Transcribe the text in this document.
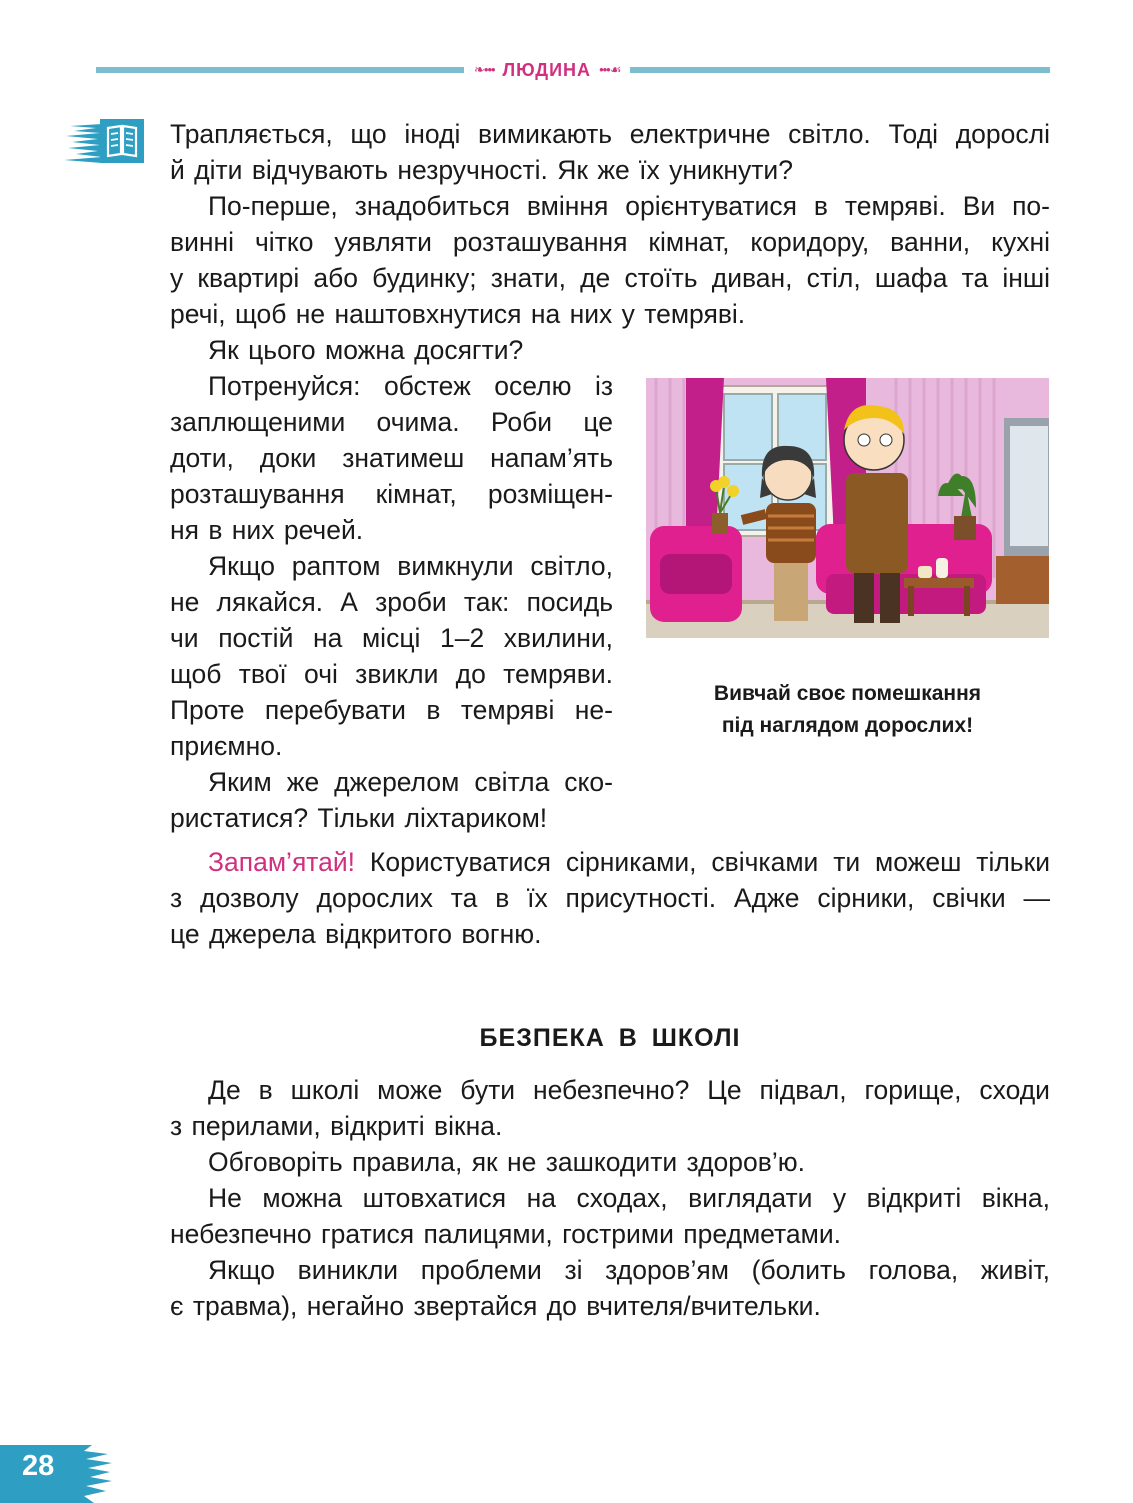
❧••• ЛЮДИНА •••☙

Трапляється, що іноді вимикають електричне світло. Тоді дорослі
й діти відчувають незручності. Як же їх уникнути?

По-перше, знадобиться вміння орієнтуватися в темряві. Ви по-
винні чітко уявляти розташування кімнат, коридору, ванни, кухні
у квартирі або будинку; знати, де стоїть диван, стіл, шафа та інші
речі, щоб не наштовхнутися на них у темряві.

Як цього можна досягти?

Потренуйся: обстеж оселю із
заплющеними очима. Роби це
доти, доки знатимеш напам’ять
розташування кімнат, розміщен-
ня в них речей.

Якщо раптом вимкнули світло,
не лякайся. А зроби так: посидь
чи постій на місці 1–2 хвилини,
щоб твої очі звикли до темряви.
Проте перебувати в темряві не-
приємно.

Яким же джерелом світла ско-
ристатися? Тільки ліхтариком!

Вивчай своє помешкання
під наглядом дорослих!

Запам’ятай! Користуватися сірниками, свічками ти можеш тільки
з дозволу дорослих та в їх присутності. Адже сірники, свічки —
це джерела відкритого вогню.

БЕЗПЕКА В ШКОЛІ

Де в школі може бути небезпечно? Це підвал, горище, сходи
з перилами, відкриті вікна.

Обговоріть правила, як не зашкодити здоров’ю.

Не можна штовхатися на сходах, виглядати у відкриті вікна,
небезпечно гратися палицями, гострими предметами.

Якщо виникли проблеми зі здоров’ям (болить голова, живіт,
є травма), негайно звертайся до вчителя/вчительки.

28
